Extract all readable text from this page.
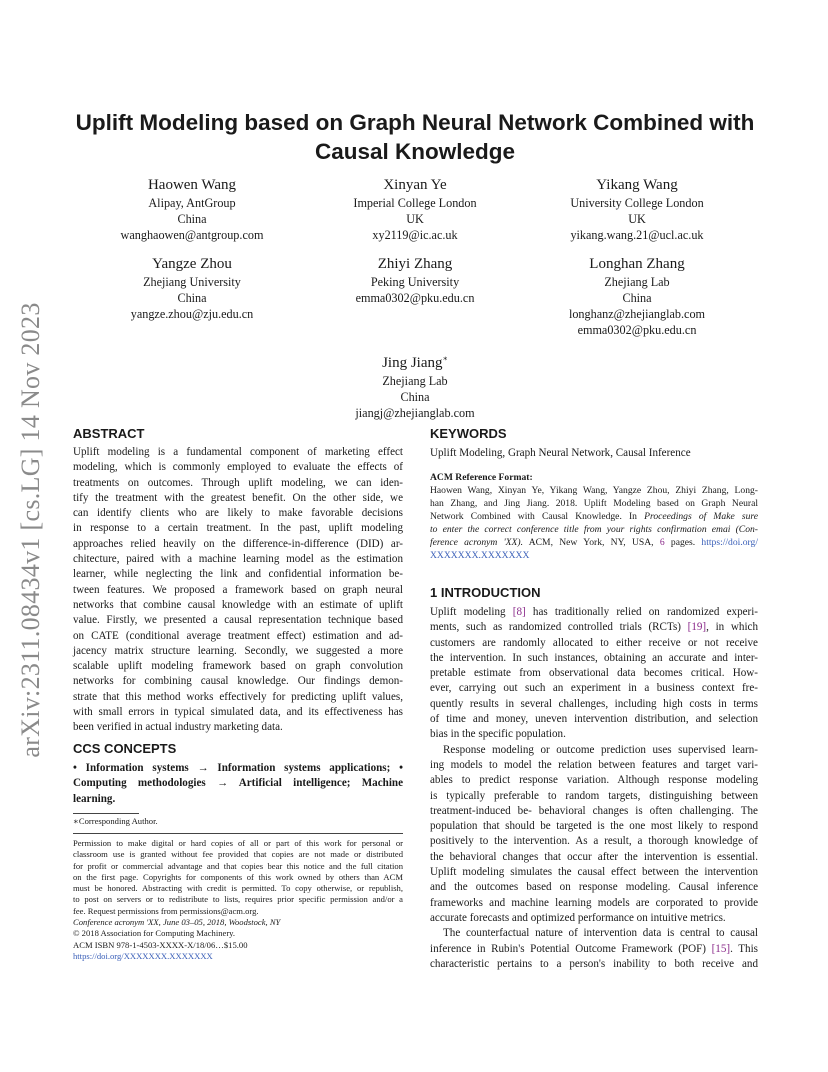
arXiv:2311.08434v1 [cs.LG] 14 Nov 2023
Uplift Modeling based on Graph Neural Network Combined with
Causal Knowledge
Haowen Wang
Alipay, AntGroup
China
wanghaowen@antgroup.com
Xinyan Ye
Imperial College London
UK
xy2119@ic.ac.uk
Yikang Wang
University College London
UK
yikang.wang.21@ucl.ac.uk
Yangze Zhou
Zhejiang University
China
yangze.zhou@zju.edu.cn
Zhiyi Zhang
Peking University
emma0302@pku.edu.cn
Longhan Zhang
Zhejiang Lab
China
longhanz@zhejianglab.com
emma0302@pku.edu.cn
Jing Jiang∗
Zhejiang Lab
China
jiangj@zhejianglab.com
ABSTRACT
Uplift modeling is a fundamental component of marketing effect
modeling, which is commonly employed to evaluate the effects of
treatments on outcomes. Through uplift modeling, we can iden-
tify the treatment with the greatest benefit. On the other side, we
can identify clients who are likely to make favorable decisions
in response to a certain treatment. In the past, uplift modeling
approaches relied heavily on the difference-in-difference (DID) ar-
chitecture, paired with a machine learning model as the estimation
learner, while neglecting the link and confidential information be-
tween features. We proposed a framework based on graph neural
networks that combine causal knowledge with an estimate of uplift
value. Firstly, we presented a causal representation technique based
on CATE (conditional average treatment effect) estimation and ad-
jacency matrix structure learning. Secondly, we suggested a more
scalable uplift modeling framework based on graph convolution
networks for combining causal knowledge. Our findings demon-
strate that this method works effectively for predicting uplift values,
with small errors in typical simulated data, and its effectiveness has
been verified in actual industry marketing data.
CCS CONCEPTS
• Information systems → Information systems applications; •
Computing methodologies → Artificial intelligence; Machine
learning.
∗Corresponding Author.
Permission to make digital or hard copies of all or part of this work for personal or
classroom use is granted without fee provided that copies are not made or distributed
for profit or commercial advantage and that copies bear this notice and the full citation
on the first page. Copyrights for components of this work owned by others than ACM
must be honored. Abstracting with credit is permitted. To copy otherwise, or republish,
to post on servers or to redistribute to lists, requires prior specific permission and/or a
fee. Request permissions from permissions@acm.org.
Conference acronym 'XX, June 03–05, 2018, Woodstock, NY
© 2018 Association for Computing Machinery.
ACM ISBN 978-1-4503-XXXX-X/18/06…$15.00
https://doi.org/XXXXXXX.XXXXXXX
KEYWORDS
Uplift Modeling, Graph Neural Network, Causal Inference
ACM Reference Format:
Haowen Wang, Xinyan Ye, Yikang Wang, Yangze Zhou, Zhiyi Zhang, Long-
han Zhang, and Jing Jiang. 2018. Uplift Modeling based on Graph Neural
Network Combined with Causal Knowledge. In Proceedings of Make sure
to enter the correct conference title from your rights confirmation emai (Con-
ference acronym 'XX). ACM, New York, NY, USA, 6 pages. https://doi.org/
XXXXXXX.XXXXXXX
1 INTRODUCTION
Uplift modeling [8] has traditionally relied on randomized experi-
ments, such as randomized controlled trials (RCTs) [19], in which
customers are randomly allocated to either receive or not receive
the intervention. In such instances, obtaining an accurate and inter-
pretable estimate from observational data becomes critical. How-
ever, carrying out such an experiment in a business context fre-
quently results in several challenges, including high costs in terms
of time and money, uneven intervention distribution, and selection
bias in the specific population.
Response modeling or outcome prediction uses supervised learn-
ing models to model the relation between features and target vari-
ables to predict response variation. Although response modeling
is typically preferable to random targets, distinguishing between
treatment-induced be- behavioral changes is often challenging. The
population that should be targeted is the one most likely to respond
positively to the intervention. As a result, a thorough knowledge of
the behavioral changes that occur after the intervention is essential.
Uplift modeling simulates the causal effect between the intervention
and the outcomes based on response modeling. Causal inference
frameworks and machine learning models are corporated to provide
accurate forecasts and optimized performance on intuitive metrics.
The counterfactual nature of intervention data is central to causal
inference in Rubin's Potential Outcome Framework (POF) [15]. This
characteristic pertains to a person's inability to both receive and
